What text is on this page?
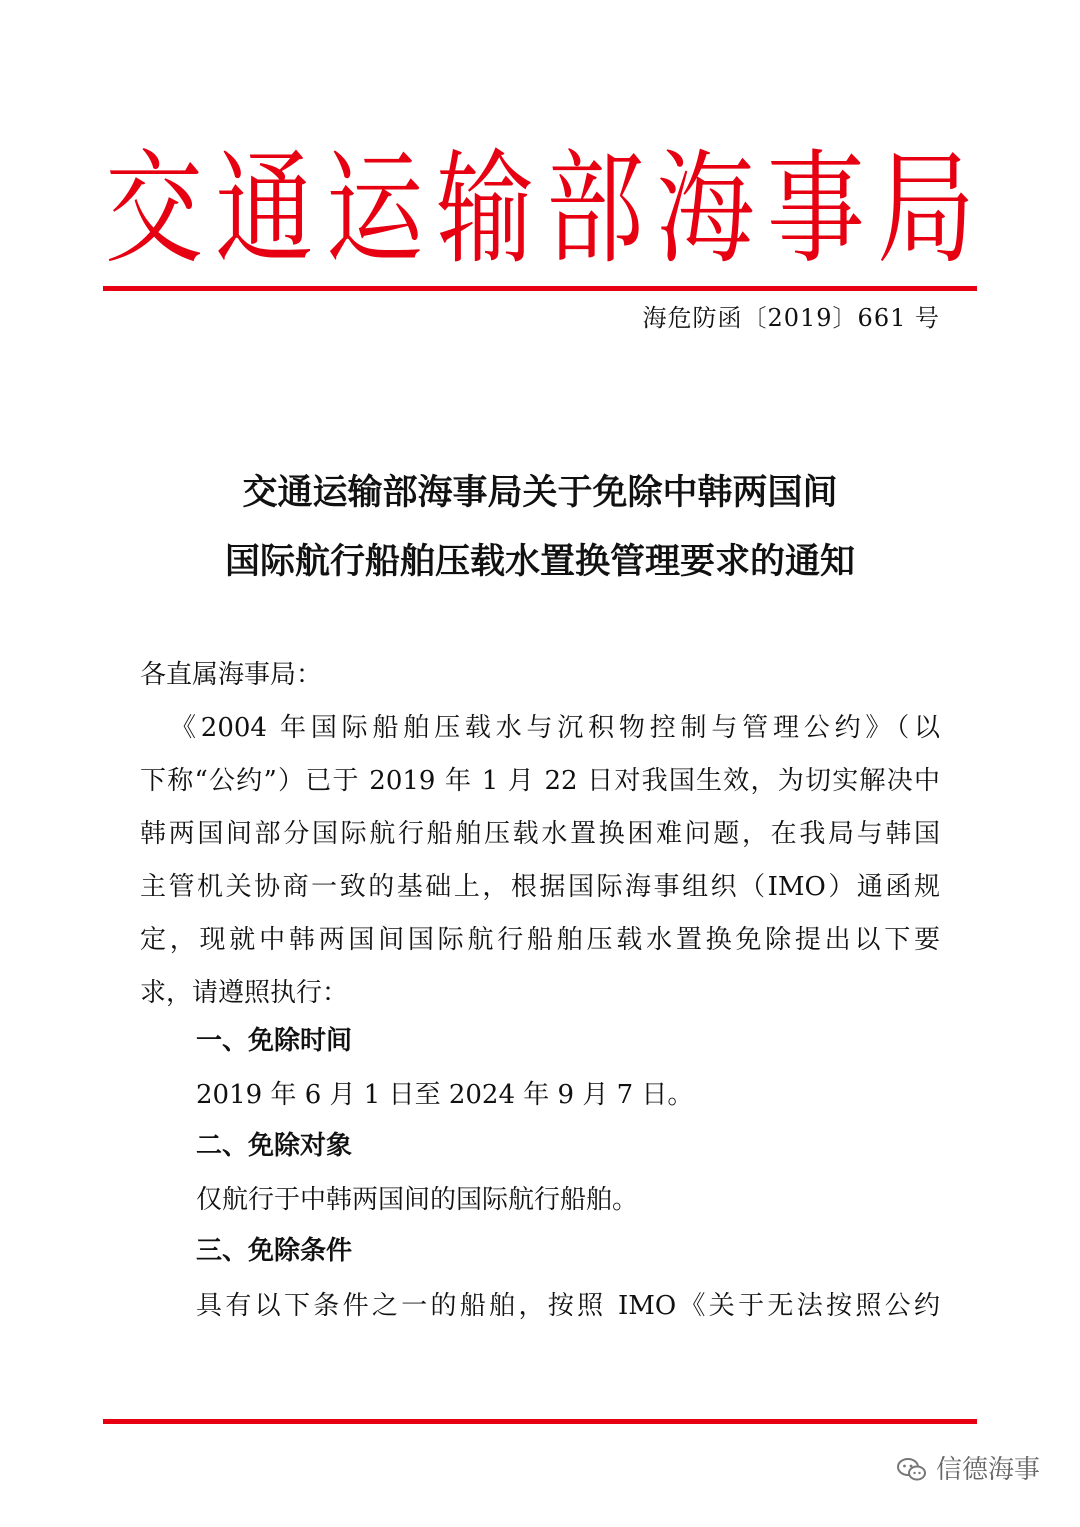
交 通 运 输 部 海 事 局
海危防函〔2019〕661 号
交通运输部海事局关于免除中韩两国间
国际航行船舶压载水置换管理要求的通知
各直属海事局：
《2004 年国际船舶压载水与沉积物控制与管理公约》（以
下称“公约”）已于 2019 年 1 月 22 日对我国生效，为切实解决中
韩两国间部分国际航行船舶压载水置换困难问题，在我局与韩国
主管机关协商一致的基础上，根据国际海事组织（IMO）通函规
定，现就中韩两国间国际航行船舶压载水置换免除提出以下要
求，请遵照执行：
一、免除时间
2019 年 6 月 1 日至 2024 年 9 月 7 日。
二、免除对象
仅航行于中韩两国间的国际航行船舶。
三、免除条件
具有以下条件之一的船舶，按照 IMO《关于无法按照公约
信德海事
